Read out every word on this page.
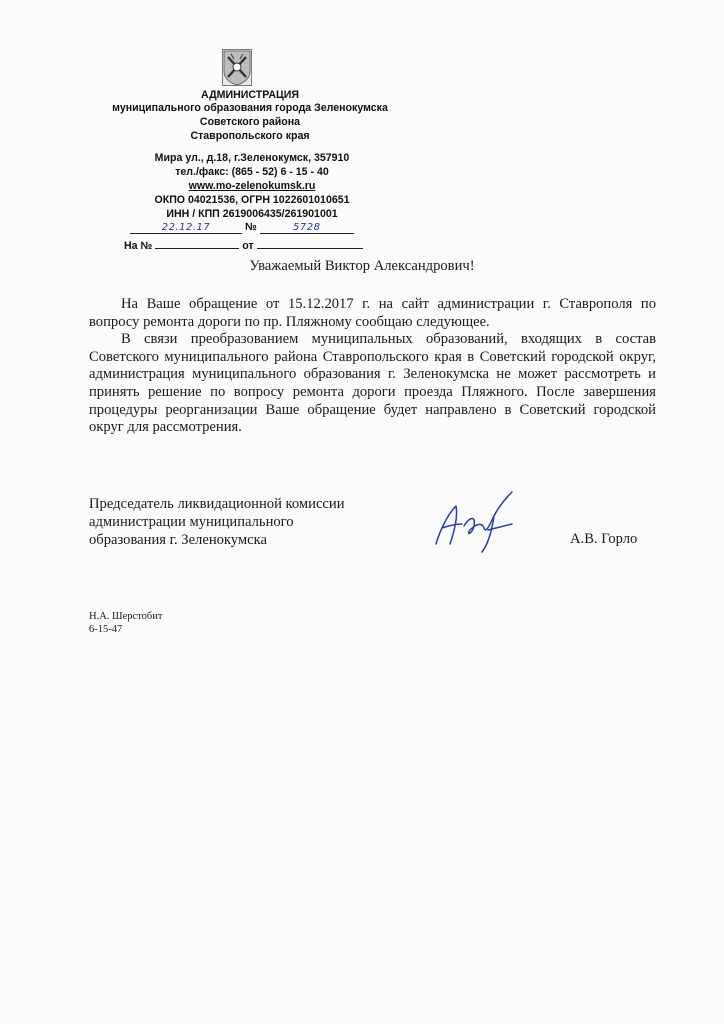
АДМИНИСТРАЦИЯ
муниципального образования города Зеленокумска
Советского района
Ставропольского края
Мира ул., д.18, г.Зеленокумск, 357910
тел./факс: (865 - 52) 6 - 15 - 40
www.mo-zelenokumsk.ru
ОКПО 04021536, ОГРН 1022601010651
ИНН / КПП 2619006435/261901001
22.12.17	№	5728
На №	от
Уважаемый Виктор Александрович!

На Ваше обращение от 15.12.2017 г. на сайт администрации г. Ставрополя по вопросу ремонта дороги по пр. Пляжному сообщаю следующее.

В связи преобразованием муниципальных образований, входящих в состав Советского муниципального района Ставропольского края в Советский городской округ, администрация муниципального образования г. Зеленокумска не может рассмотреть и принять решение по вопросу ремонта дороги проезда Пляжного. После завершения процедуры реорганизации Ваше обращение будет направлено в Советский городской округ для рассмотрения.

Председатель ликвидационной комиссии
администрации муниципального
образования г. Зеленокумска	А.В. Горло
Н.А. Шерстобит
6-15-47
